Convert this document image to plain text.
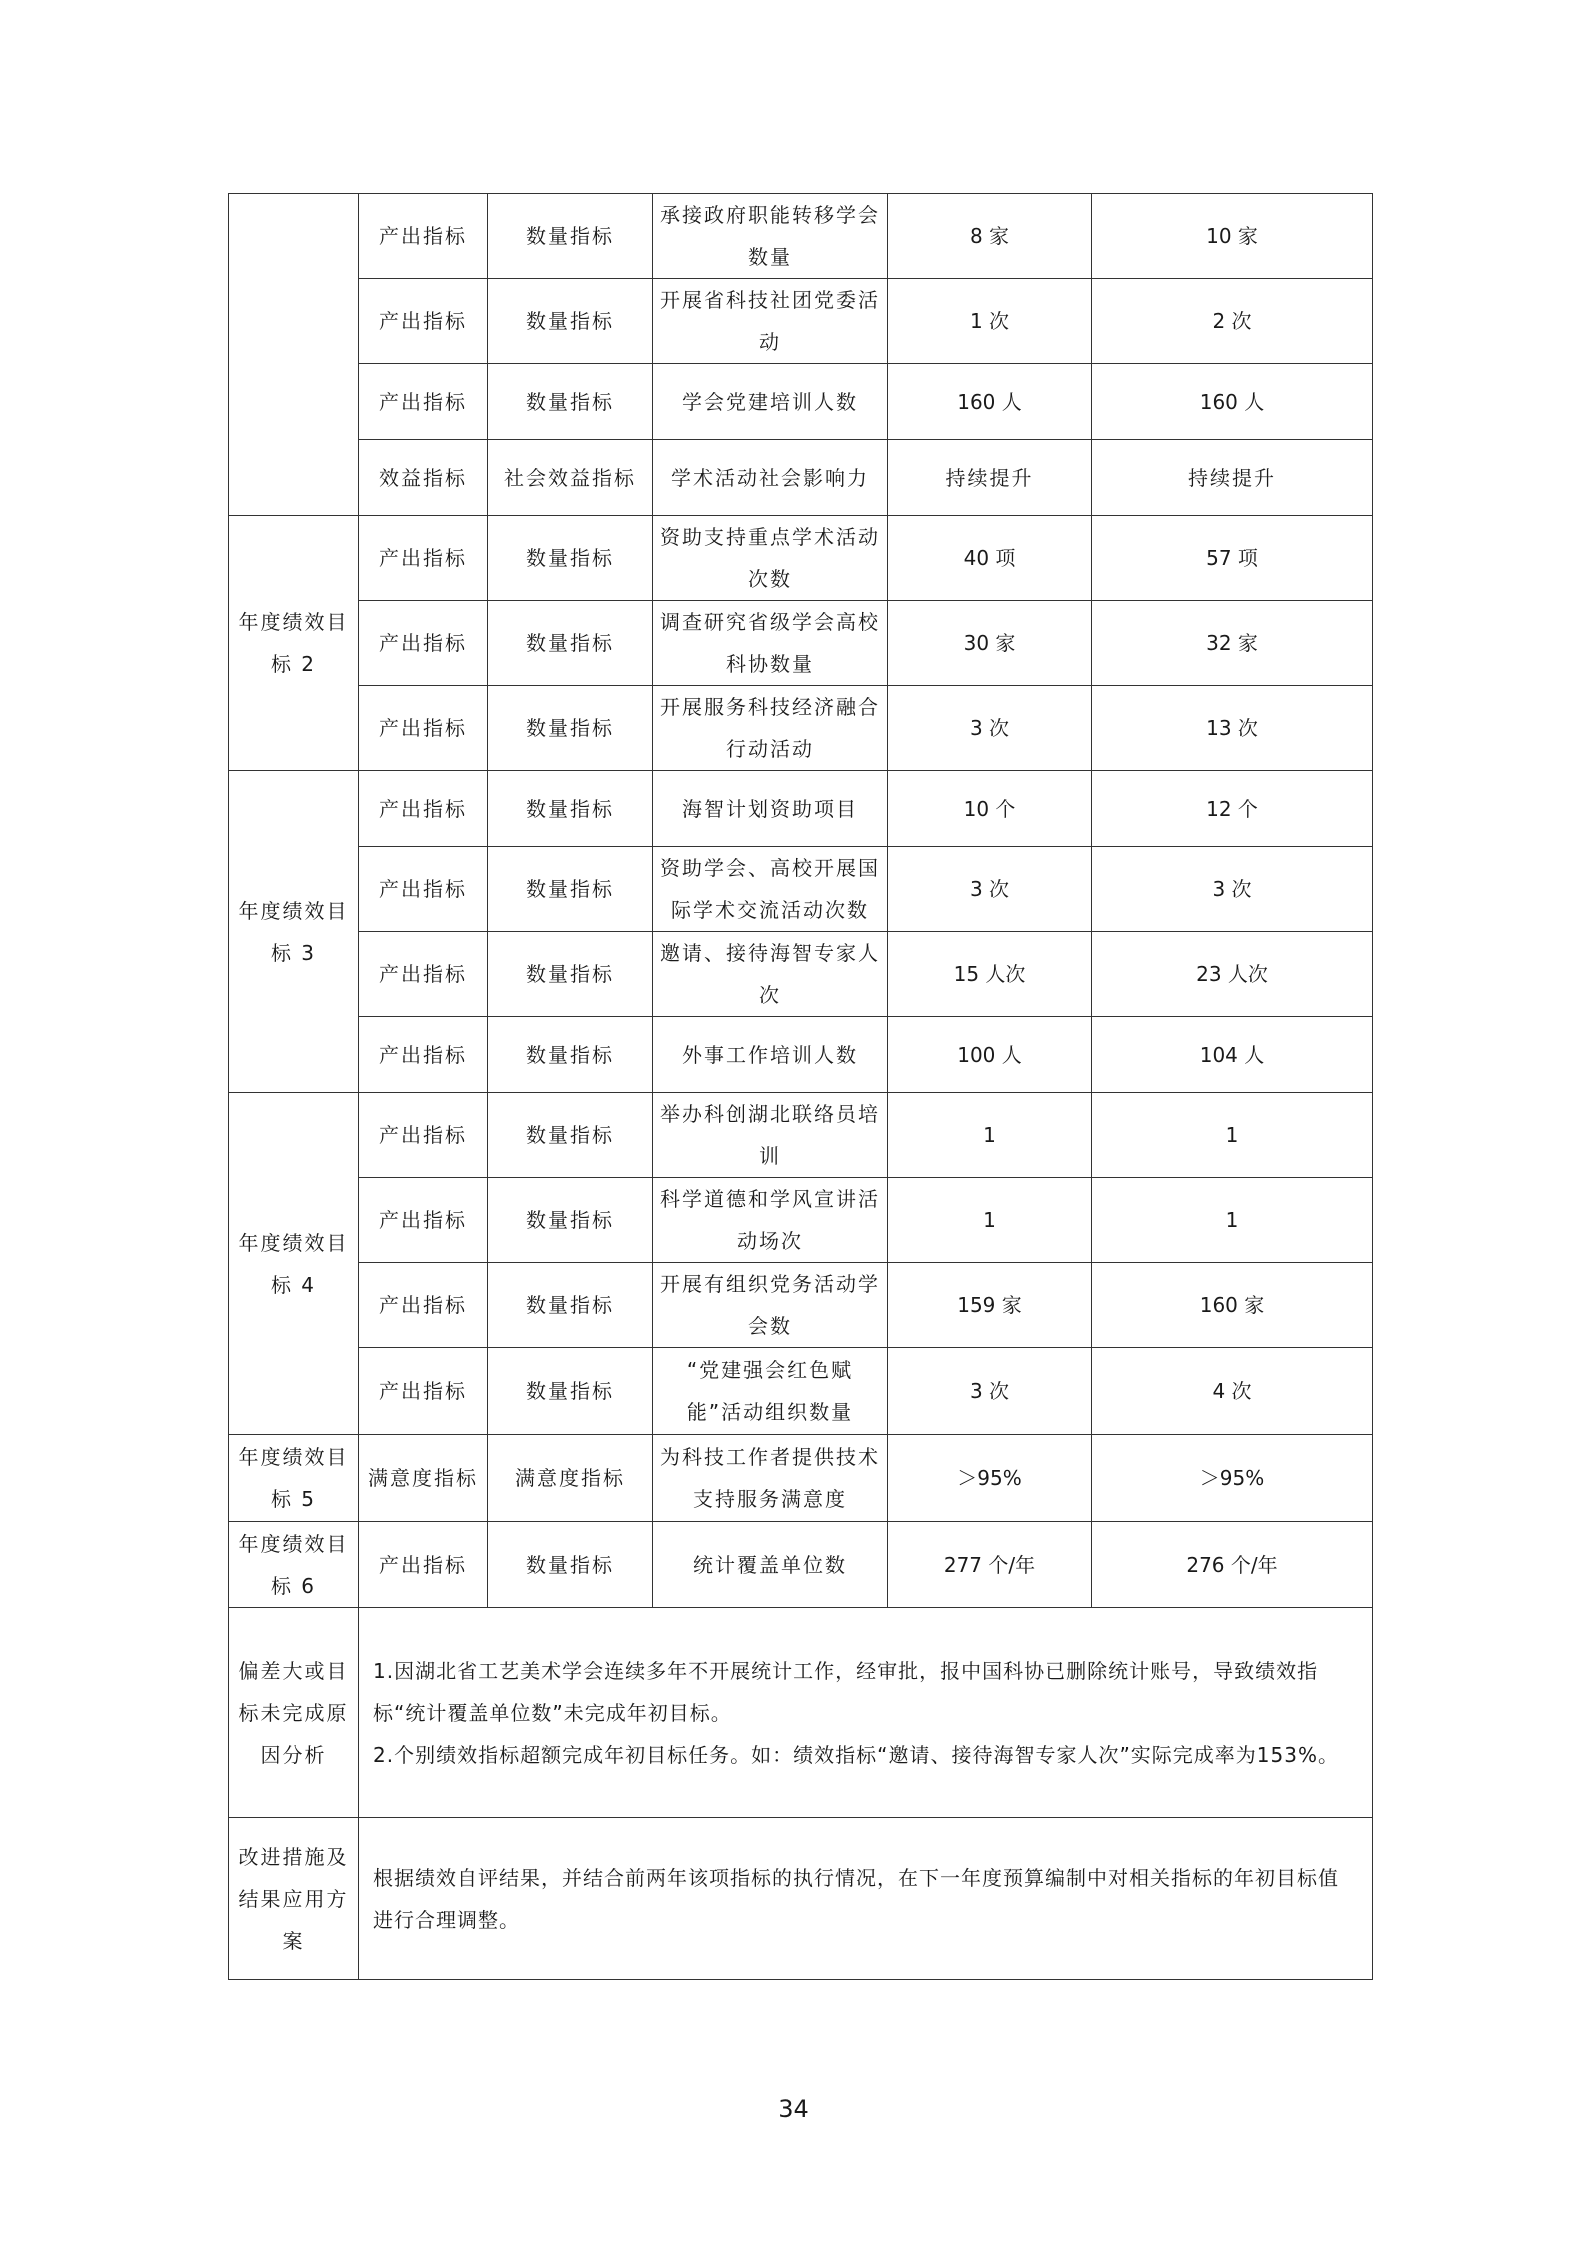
	产出指标	数量指标	承接政府职能转移学会数量	8 家	10 家
	产出指标	数量指标	开展省科技社团党委活动	1 次	2 次
	产出指标	数量指标	学会党建培训人数	160 人	160 人
	效益指标	社会效益指标	学术活动社会影响力	持续提升	持续提升
年度绩效目标 2	产出指标	数量指标	资助支持重点学术活动次数	40 项	57 项
	产出指标	数量指标	调查研究省级学会高校科协数量	30 家	32 家
	产出指标	数量指标	开展服务科技经济融合行动活动	3 次	13 次
年度绩效目标 3	产出指标	数量指标	海智计划资助项目	10 个	12 个
	产出指标	数量指标	资助学会、高校开展国际学术交流活动次数	3 次	3 次
	产出指标	数量指标	邀请、接待海智专家人次	15 人次	23 人次
	产出指标	数量指标	外事工作培训人数	100 人	104 人
年度绩效目标 4	产出指标	数量指标	举办科创湖北联络员培训	1	1
	产出指标	数量指标	科学道德和学风宣讲活动场次	1	1
	产出指标	数量指标	开展有组织党务活动学会数	159 家	160 家
	产出指标	数量指标	“党建强会红色赋能”活动组织数量	3 次	4 次
年度绩效目标 5	满意度指标	满意度指标	为科技工作者提供技术支持服务满意度	＞95%	＞95%
年度绩效目标 6	产出指标	数量指标	统计覆盖单位数	277 个/年	276 个/年
偏差大或目标未完成原因分析	1.因湖北省工艺美术学会连续多年不开展统计工作，经审批，报中国科协已删除统计账号，导致绩效指标“统计覆盖单位数”未完成年初目标。

2.个别绩效指标超额完成年初目标任务。如：绩效指标“邀请、接待海智专家人次”实际完成率为153%。				

改进措施及结果应用方案	根据绩效自评结果，并结合前两年该项指标的执行情况，在下一年度预算编制中对相关指标的年初目标值进行合理调整。				
34
